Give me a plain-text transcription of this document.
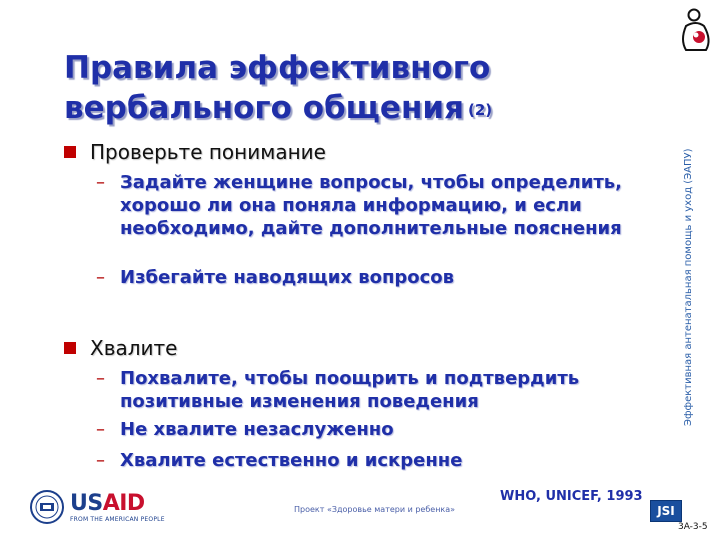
Правила эффективного
вербального общения (2)
Проверьте понимание
– Задайте женщине вопросы, чтобы определить, хорошо ли она поняла информацию, и если необходимо, дайте дополнительные пояснения
– Избегайте наводящих вопросов
Хвалите
– Похвалите, чтобы поощрить и подтвердить позитивные изменения поведения
– Не хвалите незаслуженно
– Хвалите естественно и искренне
Эффективная антенатальная помощь и уход (ЭАПУ)
USAID
FROM THE AMERICAN PEOPLE
Проект «Здоровье матери и ребенка»
WHO, UNICEF, 1993
JSI
3A-3-5
